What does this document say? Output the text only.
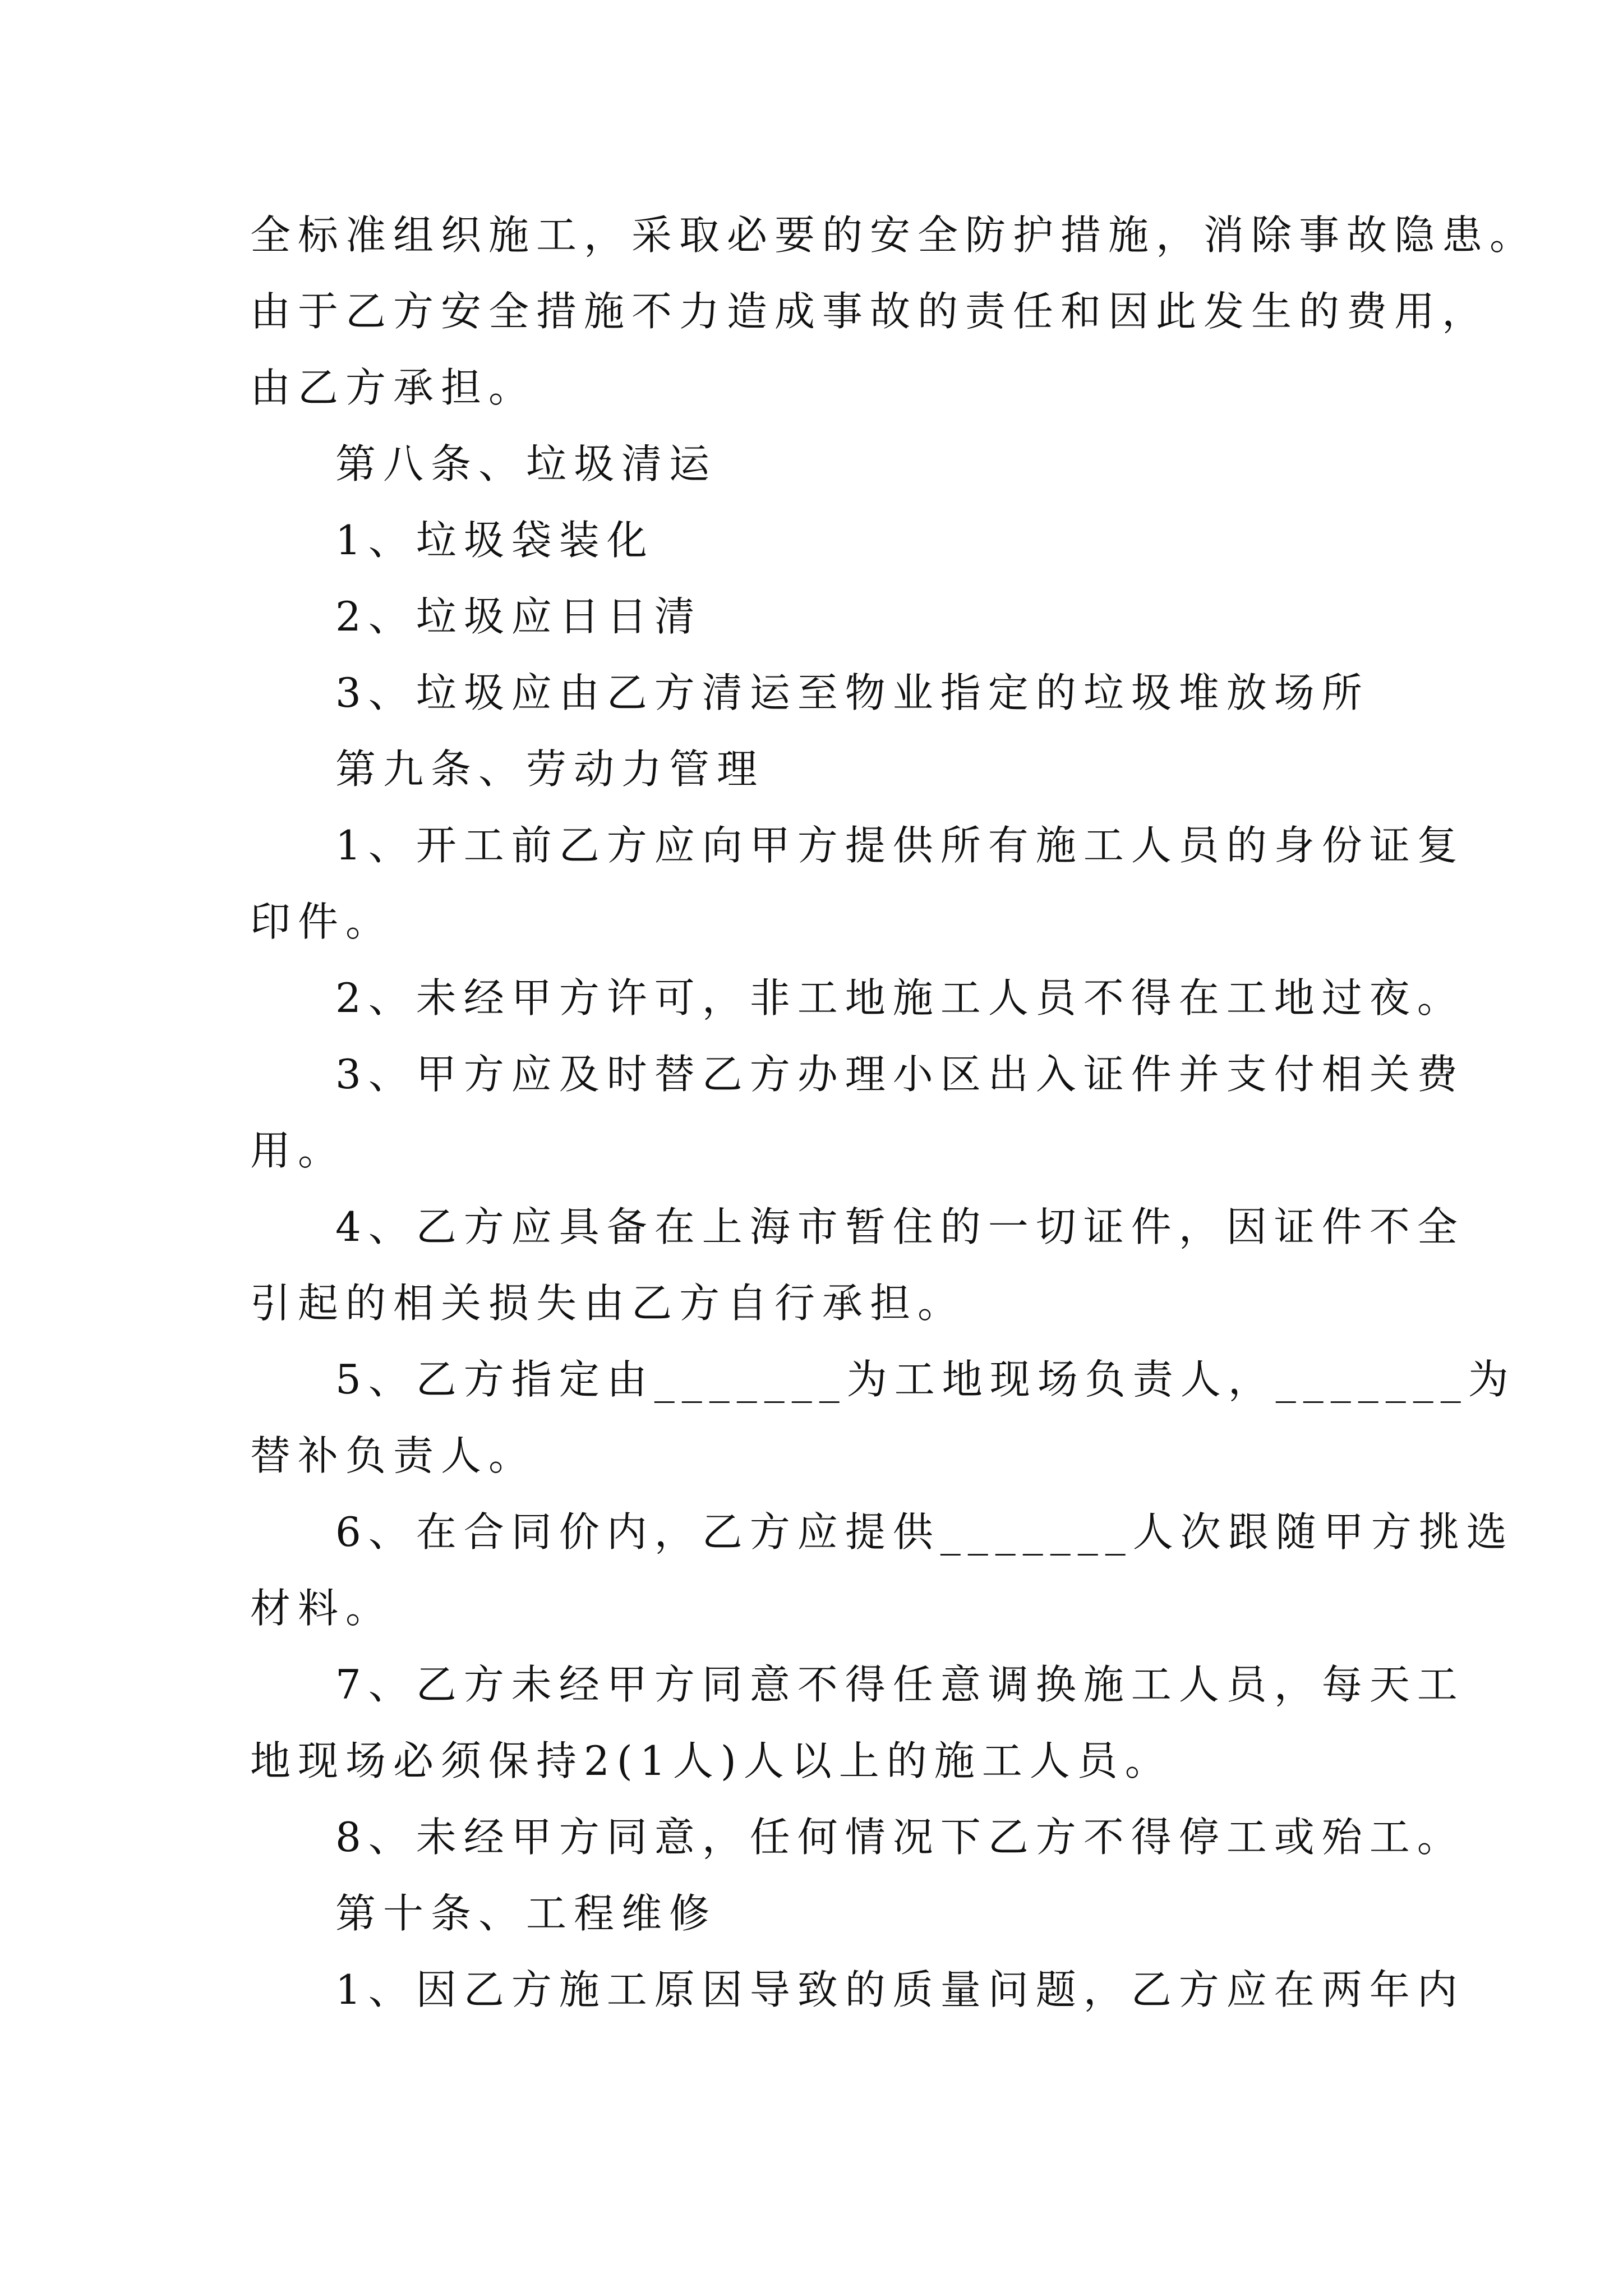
全标准组织施工，采取必要的安全防护措施，消除事故隐患。

由于乙方安全措施不力造成事故的责任和因此发生的费用，

由乙方承担。

第八条、垃圾清运

1、垃圾袋装化

2、垃圾应日日清

3、垃圾应由乙方清运至物业指定的垃圾堆放场所

第九条、劳动力管理

1、开工前乙方应向甲方提供所有施工人员的身份证复

印件。

2、未经甲方许可，非工地施工人员不得在工地过夜。

3、甲方应及时替乙方办理小区出入证件并支付相关费

用。

4、乙方应具备在上海市暂住的一切证件，因证件不全

引起的相关损失由乙方自行承担。

5、乙方指定由_______为工地现场负责人，_______为

替补负责人。

6、在合同价内，乙方应提供_______人次跟随甲方挑选

材料。

7、乙方未经甲方同意不得任意调换施工人员，每天工

地现场必须保持2(1人)人以上的施工人员。

8、未经甲方同意，任何情况下乙方不得停工或殆工。

第十条、工程维修

1、因乙方施工原因导致的质量问题，乙方应在两年内
